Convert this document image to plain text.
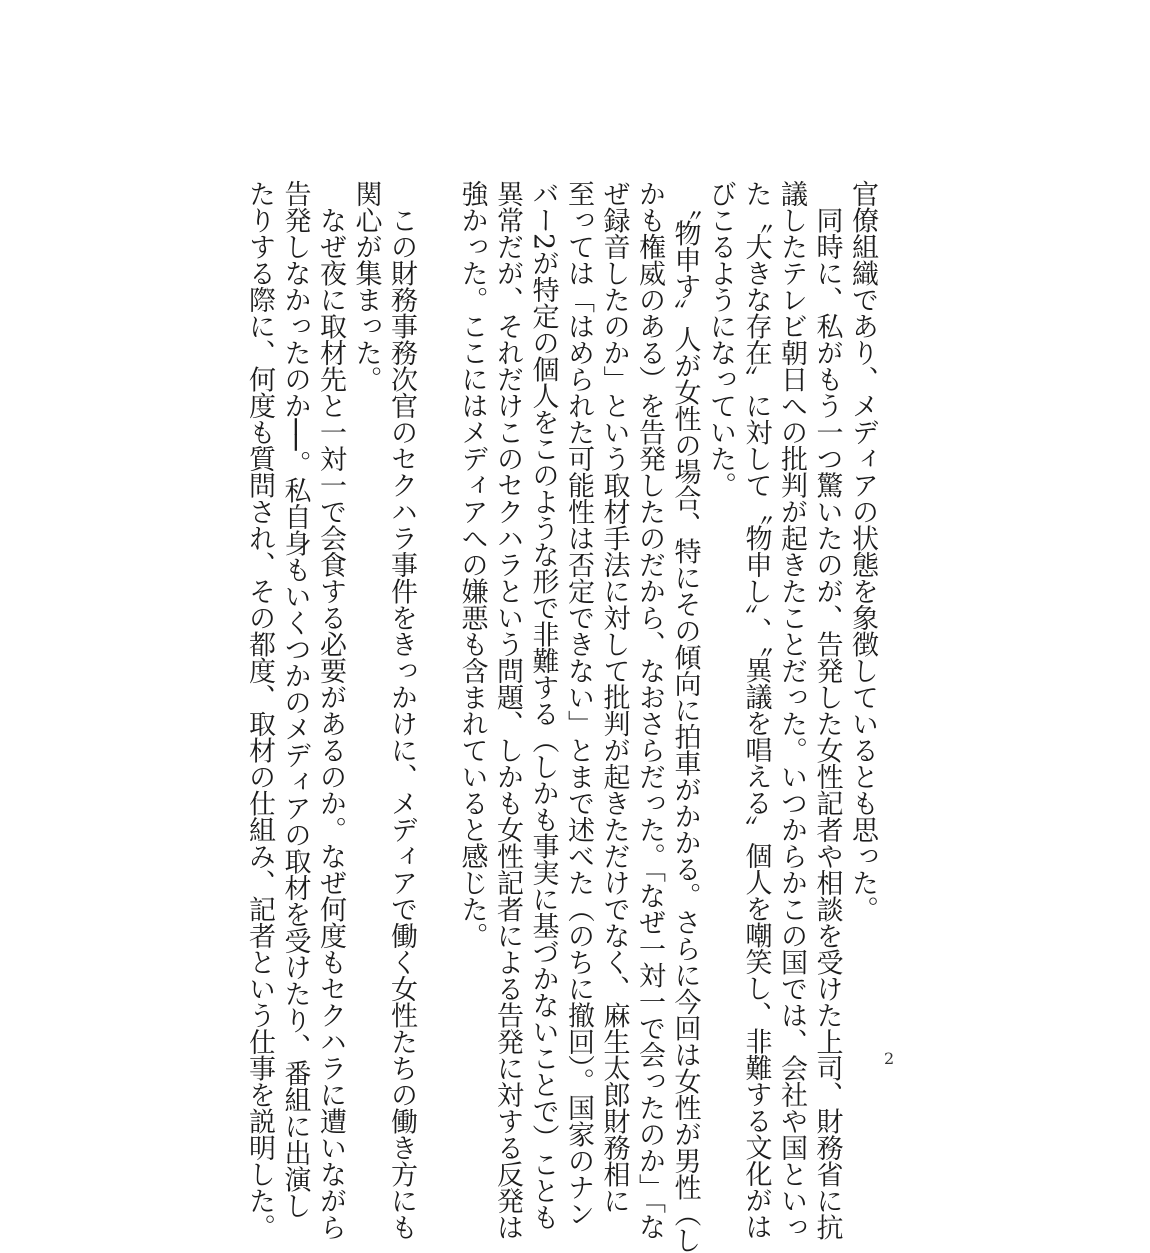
官僚組織であり、メディアの状態を象徴しているとも思った。
　同時に、私がもう一つ驚いたのが、告発した女性記者や相談を受けた上司、財務省に抗
議したテレビ朝日への批判が起きたことだった。いつからかこの国では、会社や国といっ
た〝大きな存在〟に対して〝物申し〟、〝異議を唱える〟個人を嘲笑し、非難する文化がは
びこるようになっていた。
　〝物申す〟人が女性の場合、特にその傾向に拍車がかかる。さらに今回は女性が男性（し
かも権威のある）を告発したのだから、なおさらだった。「なぜ一対一で会ったのか」「な
ぜ録音したのか」という取材手法に対して批判が起きただけでなく、麻生太郎財務相に
至っては「はめられた可能性は否定できない」とまで述べた（のちに撤回）。国家のナン
バー2が特定の個人をこのような形で非難する（しかも事実に基づかないことで）ことも
異常だが、それだけこのセクハラという問題、しかも女性記者による告発に対する反発は
強かった。ここにはメディアへの嫌悪も含まれていると感じた。
　この財務事務次官のセクハラ事件をきっかけに、メディアで働く女性たちの働き方にも
関心が集まった。
　なぜ夜に取材先と一対一で会食する必要があるのか。なぜ何度もセクハラに遭いながら
告発しなかったのか──。私自身もいくつかのメディアの取材を受けたり、番組に出演し
たりする際に、何度も質問され、その都度、取材の仕組み、記者という仕事を説明した。	2
